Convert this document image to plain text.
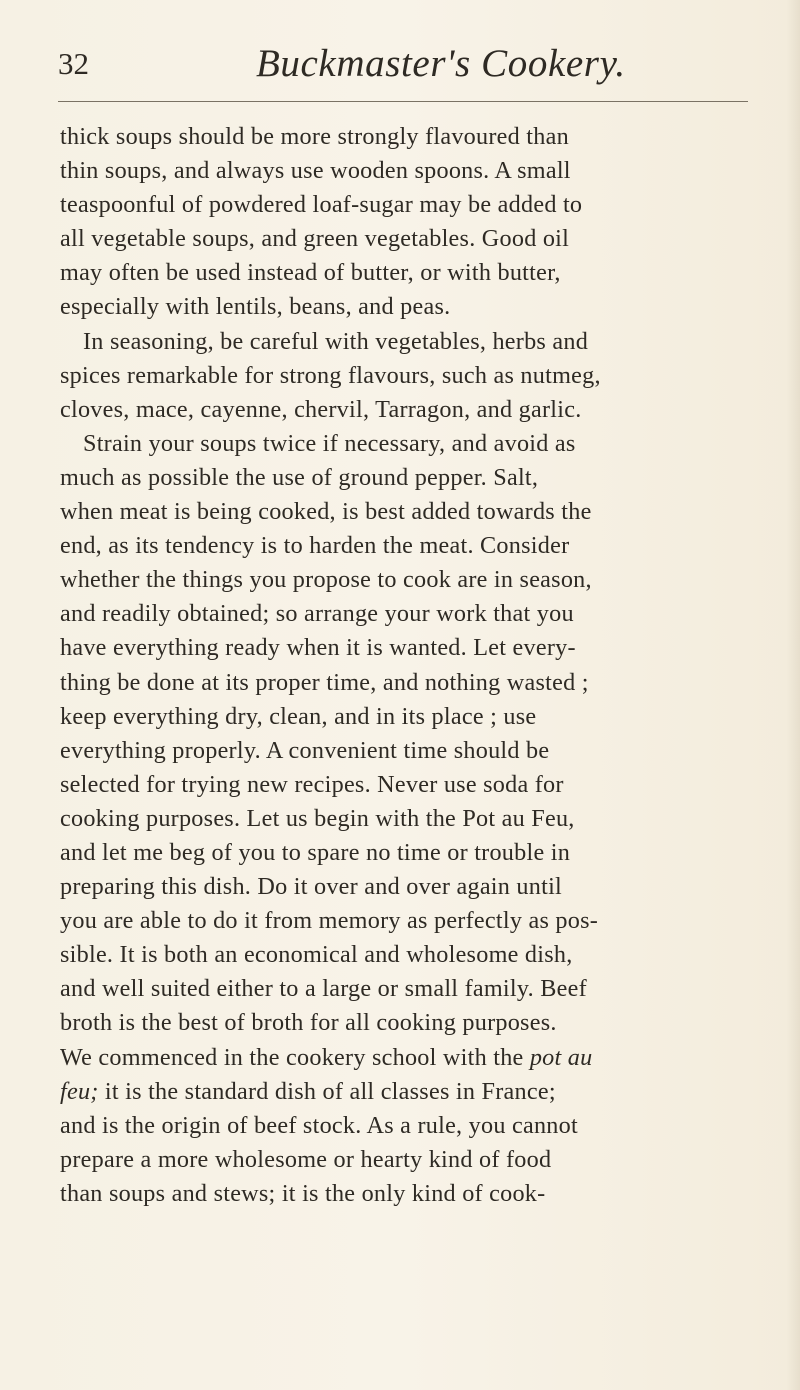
32	Buckmaster's Cookery.
thick soups should be more strongly flavoured than
thin soups, and always use wooden spoons. A small
teaspoonful of powdered loaf-sugar may be added to
all vegetable soups, and green vegetables. Good oil
may often be used instead of butter, or with butter,
especially with lentils, beans, and peas.
In seasoning, be careful with vegetables, herbs and
spices remarkable for strong flavours, such as nutmeg,
cloves, mace, cayenne, chervil, Tarragon, and garlic.
Strain your soups twice if necessary, and avoid as
much as possible the use of ground pepper. Salt,
when meat is being cooked, is best added towards the
end, as its tendency is to harden the meat. Consider
whether the things you propose to cook are in season,
and readily obtained; so arrange your work that you
have everything ready when it is wanted. Let every-
thing be done at its proper time, and nothing wasted ;
keep everything dry, clean, and in its place ; use
everything properly. A convenient time should be
selected for trying new recipes. Never use soda for
cooking purposes. Let us begin with the Pot au Feu,
and let me beg of you to spare no time or trouble in
preparing this dish. Do it over and over again until
you are able to do it from memory as perfectly as pos-
sible. It is both an economical and wholesome dish,
and well suited either to a large or small family. Beef
broth is the best of broth for all cooking purposes.
We commenced in the cookery school with the pot au
feu; it is the standard dish of all classes in France;
and is the origin of beef stock. As a rule, you cannot
prepare a more wholesome or hearty kind of food
than soups and stews; it is the only kind of cook-
